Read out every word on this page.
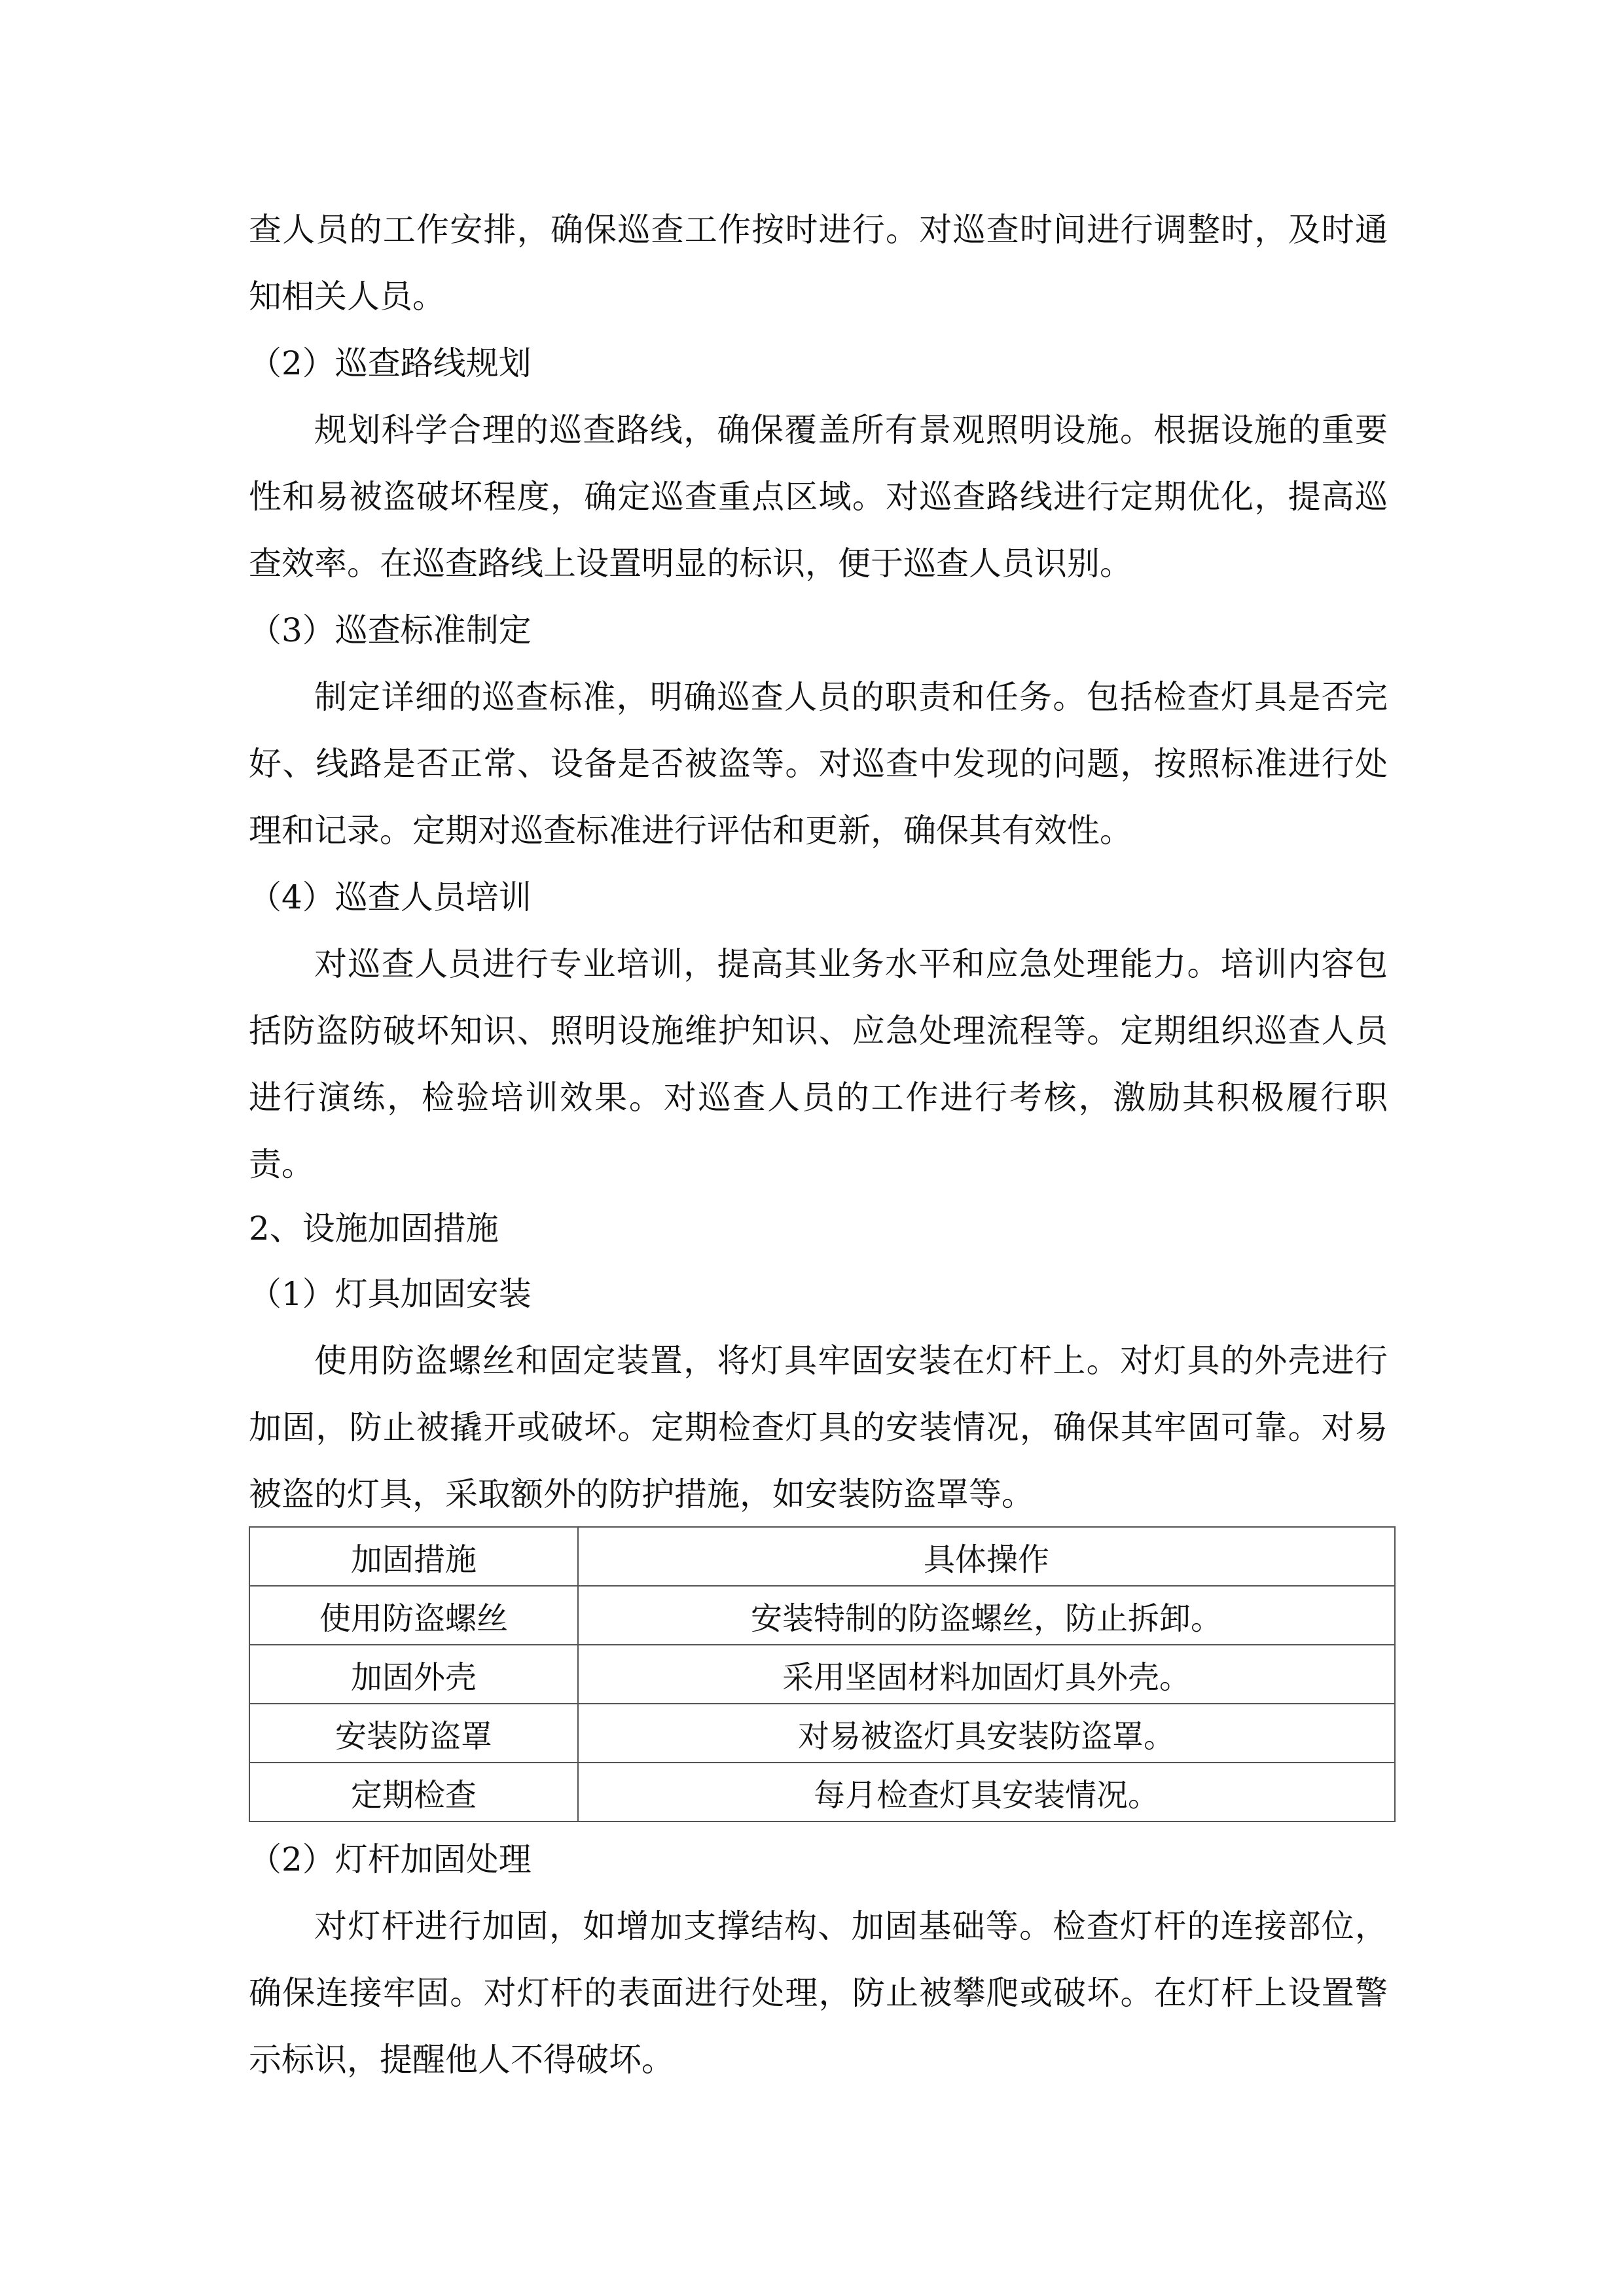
查人员的工作安排，确保巡查工作按时进行。对巡查时间进行调整时，及时通知相关人员。

（2）巡查路线规划

规划科学合理的巡查路线，确保覆盖所有景观照明设施。根据设施的重要性和易被盗破坏程度，确定巡查重点区域。对巡查路线进行定期优化，提高巡查效率。在巡查路线上设置明显的标识，便于巡查人员识别。

（3）巡查标准制定

制定详细的巡查标准，明确巡查人员的职责和任务。包括检查灯具是否完好、线路是否正常、设备是否被盗等。对巡查中发现的问题，按照标准进行处理和记录。定期对巡查标准进行评估和更新，确保其有效性。

（4）巡查人员培训

对巡查人员进行专业培训，提高其业务水平和应急处理能力。培训内容包括防盗防破坏知识、照明设施维护知识、应急处理流程等。定期组织巡查人员进行演练，检验培训效果。对巡查人员的工作进行考核，激励其积极履行职责。

2、设施加固措施

（1）灯具加固安装

使用防盗螺丝和固定装置，将灯具牢固安装在灯杆上。对灯具的外壳进行加固，防止被撬开或破坏。定期检查灯具的安装情况，确保其牢固可靠。对易被盗的灯具，采取额外的防护措施，如安装防盗罩等。

加固措施	具体操作
使用防盗螺丝	安装特制的防盗螺丝，防止拆卸。
加固外壳	采用坚固材料加固灯具外壳。
安装防盗罩	对易被盗灯具安装防盗罩。
定期检查	每月检查灯具安装情况。

（2）灯杆加固处理

对灯杆进行加固，如增加支撑结构、加固基础等。检查灯杆的连接部位，确保连接牢固。对灯杆的表面进行处理，防止被攀爬或破坏。在灯杆上设置警示标识，提醒他人不得破坏。
